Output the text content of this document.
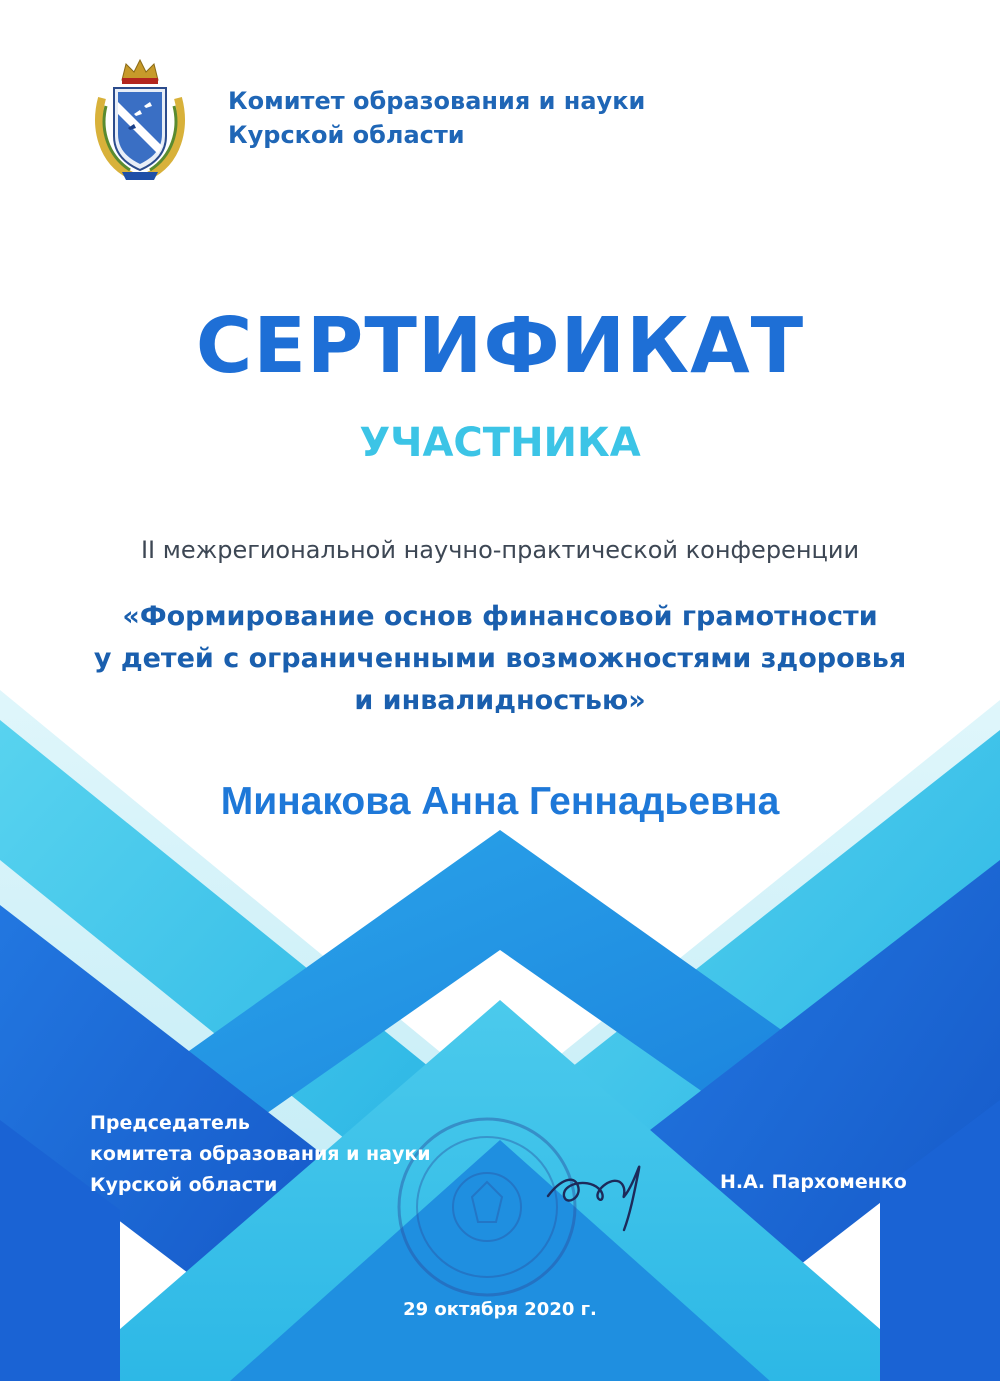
Комитет образования и науки
Курской области
СЕРТИФИКАТ
УЧАСТНИКА
II межрегиональной научно-практической конференции
«Формирование основ финансовой грамотности
у детей с ограниченными возможностями здоровья
и инвалидностью»
Минакова Анна Геннадьевна
Председатель
комитета образования и науки
Курской области	Н.А. Пархоменко
29 октября 2020 г.
